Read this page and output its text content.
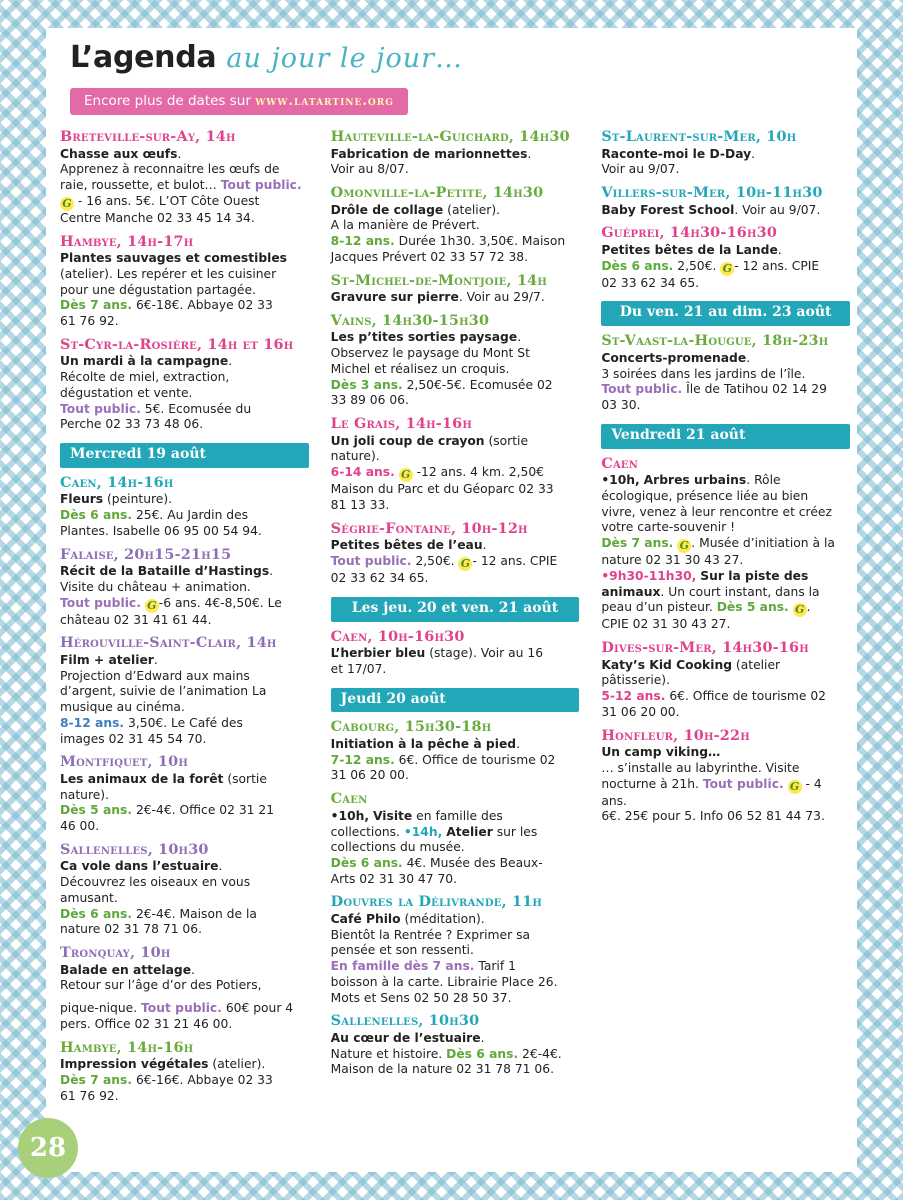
L’agenda au jour le jour…
Encore plus de dates sur www.latartine.org
Breteville-sur-Ay, 14h
Chasse aux œufs.
Apprenez à reconnaitre les œufs de
raie, roussette, et bulot… Tout public.
G - 16 ans. 5€. L’OT Côte Ouest
Centre Manche 02 33 45 14 34.
Hambye, 14h-17h
Plantes sauvages et comestibles
(atelier). Les repérer et les cuisiner
pour une dégustation partagée.
Dès 7 ans. 6€-18€. Abbaye 02 33
61 76 92.
St-Cyr-la-Rosière, 14h et 16h
Un mardi à la campagne.
Récolte de miel, extraction,
dégustation et vente.
Tout public. 5€. Ecomusée du
Perche 02 33 73 48 06.
Mercredi 19 août
Caen, 14h-16h
Fleurs (peinture).
Dès 6 ans. 25€. Au Jardin des
Plantes. Isabelle 06 95 00 54 94.
Falaise, 20h15-21h15
Récit de la Bataille d’Hastings.
Visite du château + animation.
Tout public. G -6 ans. 4€-8,50€. Le
château 02 31 41 61 44.
Hérouville-Saint-Clair, 14h
Film + atelier.
Projection d’Edward aux mains
d’argent, suivie de l’animation La
musique au cinéma.
8-12 ans. 3,50€. Le Café des
images 02 31 45 54 70.
Montfiquet, 10h
Les animaux de la forêt (sortie nature).
Dès 5 ans. 2€-4€. Office 02 31 21
46 00.
Sallenelles, 10h30
Ca vole dans l’estuaire.
Découvrez les oiseaux en vous
amusant.
Dès 6 ans. 2€-4€. Maison de la
nature 02 31 78 71 06.
Tronquay, 10h
Balade en attelage.
Retour sur l’âge d’or des Potiers,
pique-nique. Tout public. 60€ pour 4
pers. Office 02 31 21 46 00.
Hambye, 14h-16h
Impression végétales (atelier).
Dès 7 ans. 6€-16€. Abbaye 02 33
61 76 92.
Hauteville-la-Guichard, 14h30
Fabrication de marionnettes.
Voir au 8/07.
Omonville-la-Petite, 14h30
Drôle de collage (atelier).
A la manière de Prévert.
8-12 ans. Durée 1h30. 3,50€. Maison
Jacques Prévert 02 33 57 72 38.
St-Michel-de-Montjoie, 14h
Gravure sur pierre. Voir au 29/7.
Vains, 14h30-15h30
Les p’tites sorties paysage.
Observez le paysage du Mont St
Michel et réalisez un croquis.
Dès 3 ans. 2,50€-5€. Ecomusée 02
33 89 06 06.
Le Grais, 14h-16h
Un joli coup de crayon (sortie nature).
6-14 ans. G -12 ans. 4 km. 2,50€
Maison du Parc et du Géoparc 02 33
81 13 33.
Ségrie-Fontaine, 10h-12h
Petites bêtes de l’eau.
Tout public. 2,50€. G - 12 ans. CPIE
02 33 62 34 65.
Les jeu. 20 et ven. 21 août
Caen, 10h-16h30
L’herbier bleu (stage). Voir au 16
et 17/07.
Jeudi 20 août
Cabourg, 15h30-18h
Initiation à la pêche à pied.
7-12 ans. 6€. Office de tourisme 02
31 06 20 00.
Caen
•10h, Visite en famille des
collections. •14h, Atelier sur les
collections du musée.
Dès 6 ans. 4€. Musée des Beaux-
Arts 02 31 30 47 70.
Douvres la Délivrande, 11h
Café Philo (méditation).
Bientôt la Rentrée ? Exprimer sa
pensée et son ressenti.
En famille dès 7 ans. Tarif 1
boisson à la carte. Librairie Place 26.
Mots et Sens 02 50 28 50 37.
Sallenelles, 10h30
Au cœur de l’estuaire.
Nature et histoire. Dès 6 ans. 2€-4€.
Maison de la nature 02 31 78 71 06.
St-Laurent-sur-Mer, 10h
Raconte-moi le D-Day.
Voir au 9/07.
Villers-sur-Mer, 10h-11h30
Baby Forest School. Voir au 9/07.
Guéprei, 14h30-16h30
Petites bêtes de la Lande.
Dès 6 ans. 2,50€. G - 12 ans. CPIE
02 33 62 34 65.
Du ven. 21 au dim. 23 août
St-Vaast-la-Hougue, 18h-23h
Concerts-promenade.
3 soirées dans les jardins de l’île.
Tout public. Île de Tatihou 02 14 29
03 30.
Vendredi 21 août
Caen
•10h, Arbres urbains. Rôle
écologique, présence liée au bien
vivre, venez à leur rencontre et créez
votre carte-souvenir !
Dès 7 ans. G . Musée d’initiation à la
nature 02 31 30 43 27.
•9h30-11h30, Sur la piste des
animaux. Un court instant, dans la
peau d’un pisteur. Dès 5 ans. G .
CPIE 02 31 30 43 27.
Dives-sur-Mer, 14h30-16h
Katy’s Kid Cooking (atelier pâtisserie).
5-12 ans. 6€. Office de tourisme 02
31 06 20 00.
Honfleur, 10h-22h
Un camp viking…
… s’installe au labyrinthe. Visite
nocturne à 21h. Tout public. G - 4 ans.
6€. 25€ pour 5. Info 06 52 81 44 73.
28
